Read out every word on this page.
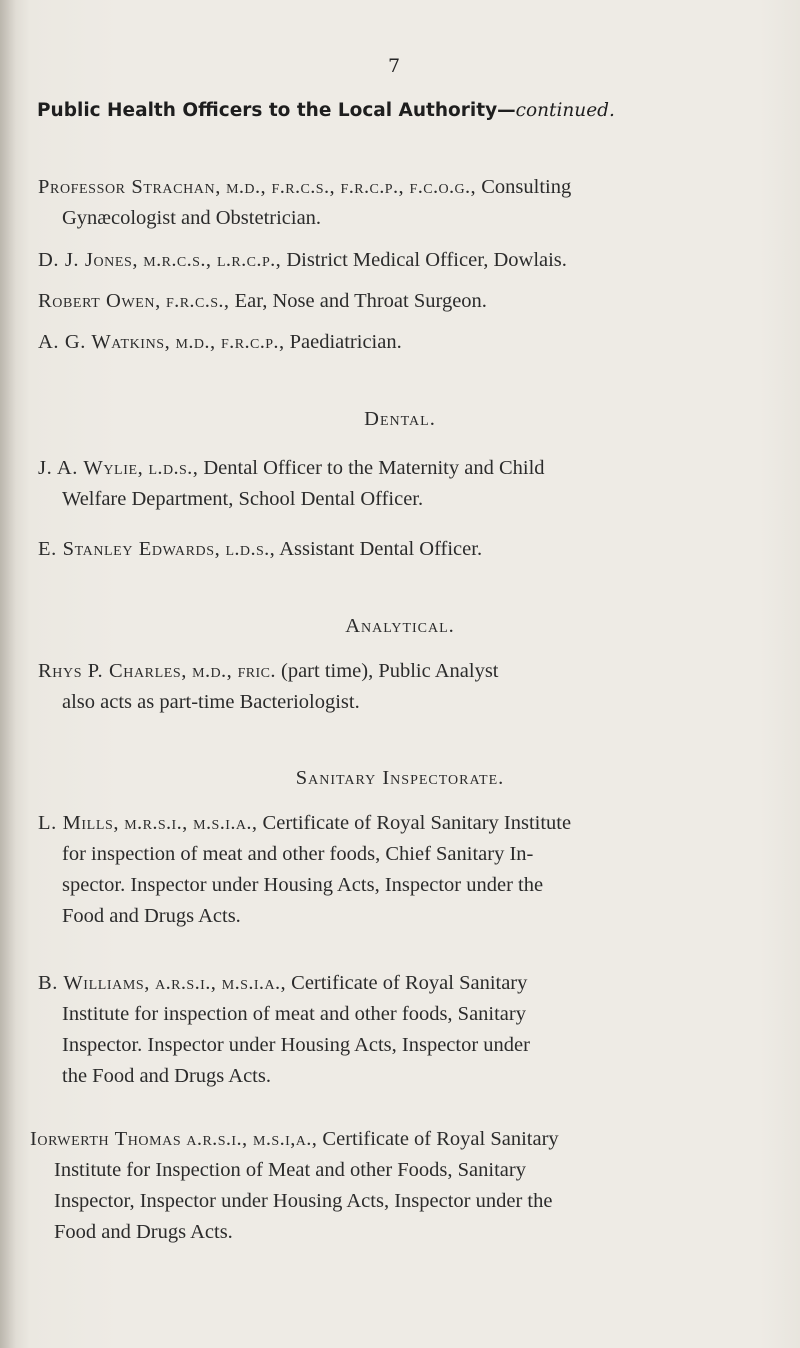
7
Public Health Officers to the Local Authority—continued.
Professor Strachan, m.d., f.r.c.s., f.r.c.p., f.c.o.g., Consulting
Gynæcologist and Obstetrician.
D. J. Jones, m.r.c.s., l.r.c.p., District Medical Officer, Dowlais.
Robert Owen, f.r.c.s., Ear, Nose and Throat Surgeon.
A. G. Watkins, m.d., f.r.c.p., Paediatrician.
Dental.
J. A. Wylie, l.d.s., Dental Officer to the Maternity and Child
Welfare Department, School Dental Officer.
E. Stanley Edwards, l.d.s., Assistant Dental Officer.
Analytical.
Rhys P. Charles, m.d., fric. (part time), Public Analyst
also acts as part-time Bacteriologist.
Sanitary Inspectorate.
L. Mills, m.r.s.i., m.s.i.a., Certificate of Royal Sanitary Institute
for inspection of meat and other foods, Chief Sanitary In-
spector. Inspector under Housing Acts, Inspector under the
Food and Drugs Acts.
B. Williams, a.r.s.i., m.s.i.a., Certificate of Royal Sanitary
Institute for inspection of meat and other foods, Sanitary
Inspector. Inspector under Housing Acts, Inspector under
the Food and Drugs Acts.
Iorwerth Thomas a.r.s.i., m.s.i,a., Certificate of Royal Sanitary
Institute for Inspection of Meat and other Foods, Sanitary
Inspector, Inspector under Housing Acts, Inspector under the
Food and Drugs Acts.
